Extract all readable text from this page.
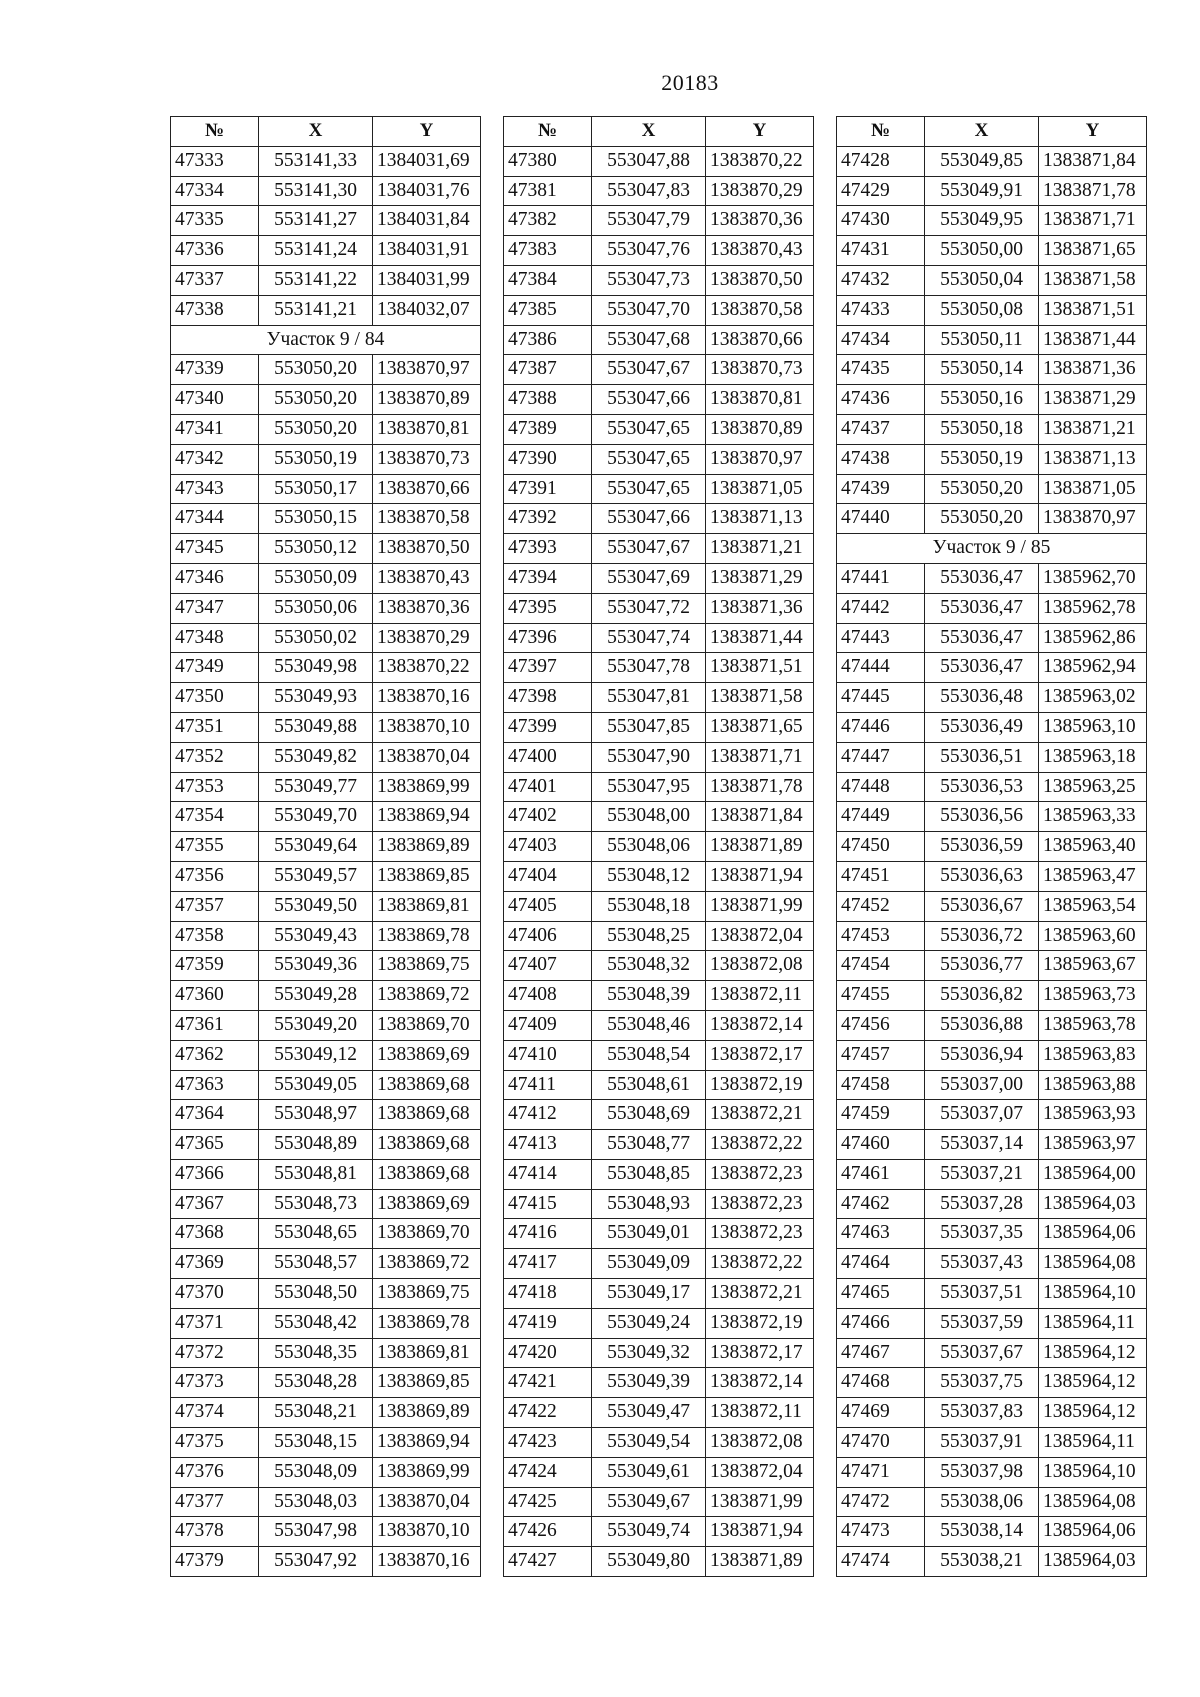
20183
№	X	Y
47333	553141,33	1384031,69
47334	553141,30	1384031,76
47335	553141,27	1384031,84
47336	553141,24	1384031,91
47337	553141,22	1384031,99
47338	553141,21	1384032,07
Участок 9 / 84		
47339	553050,20	1383870,97
47340	553050,20	1383870,89
47341	553050,20	1383870,81
47342	553050,19	1383870,73
47343	553050,17	1383870,66
47344	553050,15	1383870,58
47345	553050,12	1383870,50
47346	553050,09	1383870,43
47347	553050,06	1383870,36
47348	553050,02	1383870,29
47349	553049,98	1383870,22
47350	553049,93	1383870,16
47351	553049,88	1383870,10
47352	553049,82	1383870,04
47353	553049,77	1383869,99
47354	553049,70	1383869,94
47355	553049,64	1383869,89
47356	553049,57	1383869,85
47357	553049,50	1383869,81
47358	553049,43	1383869,78
47359	553049,36	1383869,75
47360	553049,28	1383869,72
47361	553049,20	1383869,70
47362	553049,12	1383869,69
47363	553049,05	1383869,68
47364	553048,97	1383869,68
47365	553048,89	1383869,68
47366	553048,81	1383869,68
47367	553048,73	1383869,69
47368	553048,65	1383869,70
47369	553048,57	1383869,72
47370	553048,50	1383869,75
47371	553048,42	1383869,78
47372	553048,35	1383869,81
47373	553048,28	1383869,85
47374	553048,21	1383869,89
47375	553048,15	1383869,94
47376	553048,09	1383869,99
47377	553048,03	1383870,04
47378	553047,98	1383870,10
47379	553047,92	1383870,16
№	X	Y
47380	553047,88	1383870,22
47381	553047,83	1383870,29
47382	553047,79	1383870,36
47383	553047,76	1383870,43
47384	553047,73	1383870,50
47385	553047,70	1383870,58
47386	553047,68	1383870,66
47387	553047,67	1383870,73
47388	553047,66	1383870,81
47389	553047,65	1383870,89
47390	553047,65	1383870,97
47391	553047,65	1383871,05
47392	553047,66	1383871,13
47393	553047,67	1383871,21
47394	553047,69	1383871,29
47395	553047,72	1383871,36
47396	553047,74	1383871,44
47397	553047,78	1383871,51
47398	553047,81	1383871,58
47399	553047,85	1383871,65
47400	553047,90	1383871,71
47401	553047,95	1383871,78
47402	553048,00	1383871,84
47403	553048,06	1383871,89
47404	553048,12	1383871,94
47405	553048,18	1383871,99
47406	553048,25	1383872,04
47407	553048,32	1383872,08
47408	553048,39	1383872,11
47409	553048,46	1383872,14
47410	553048,54	1383872,17
47411	553048,61	1383872,19
47412	553048,69	1383872,21
47413	553048,77	1383872,22
47414	553048,85	1383872,23
47415	553048,93	1383872,23
47416	553049,01	1383872,23
47417	553049,09	1383872,22
47418	553049,17	1383872,21
47419	553049,24	1383872,19
47420	553049,32	1383872,17
47421	553049,39	1383872,14
47422	553049,47	1383872,11
47423	553049,54	1383872,08
47424	553049,61	1383872,04
47425	553049,67	1383871,99
47426	553049,74	1383871,94
47427	553049,80	1383871,89
№	X	Y
47428	553049,85	1383871,84
47429	553049,91	1383871,78
47430	553049,95	1383871,71
47431	553050,00	1383871,65
47432	553050,04	1383871,58
47433	553050,08	1383871,51
47434	553050,11	1383871,44
47435	553050,14	1383871,36
47436	553050,16	1383871,29
47437	553050,18	1383871,21
47438	553050,19	1383871,13
47439	553050,20	1383871,05
47440	553050,20	1383870,97
Участок 9 / 85		
47441	553036,47	1385962,70
47442	553036,47	1385962,78
47443	553036,47	1385962,86
47444	553036,47	1385962,94
47445	553036,48	1385963,02
47446	553036,49	1385963,10
47447	553036,51	1385963,18
47448	553036,53	1385963,25
47449	553036,56	1385963,33
47450	553036,59	1385963,40
47451	553036,63	1385963,47
47452	553036,67	1385963,54
47453	553036,72	1385963,60
47454	553036,77	1385963,67
47455	553036,82	1385963,73
47456	553036,88	1385963,78
47457	553036,94	1385963,83
47458	553037,00	1385963,88
47459	553037,07	1385963,93
47460	553037,14	1385963,97
47461	553037,21	1385964,00
47462	553037,28	1385964,03
47463	553037,35	1385964,06
47464	553037,43	1385964,08
47465	553037,51	1385964,10
47466	553037,59	1385964,11
47467	553037,67	1385964,12
47468	553037,75	1385964,12
47469	553037,83	1385964,12
47470	553037,91	1385964,11
47471	553037,98	1385964,10
47472	553038,06	1385964,08
47473	553038,14	1385964,06
47474	553038,21	1385964,03
